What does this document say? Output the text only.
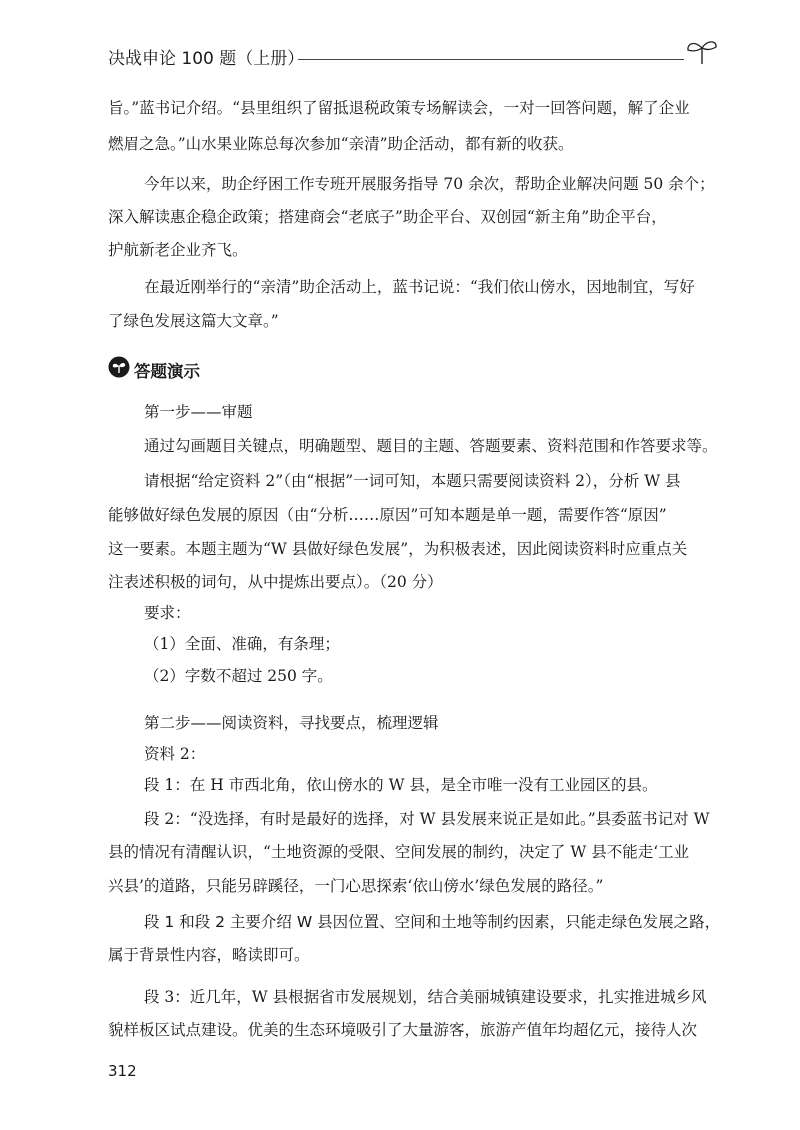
决战申论 100 题（上册）
旨。”蓝书记介绍。“县里组织了留抵退税政策专场解读会，一对一回答问题，解了企业
燃眉之急。”山水果业陈总每次参加“亲清”助企活动，都有新的收获。
今年以来，助企纾困工作专班开展服务指导 70 余次，帮助企业解决问题 50 余个；
深入解读惠企稳企政策；搭建商会“老底子”助企平台、双创园“新主角”助企平台，
护航新老企业齐飞。
在最近刚举行的“亲清”助企活动上，蓝书记说：“我们依山傍水，因地制宜，写好
了绿色发展这篇大文章。”
答题演示
第一步——审题
通过勾画题目关键点，明确题型、题目的主题、答题要素、资料范围和作答要求等。
请根据“给定资料 2”（由“根据”一词可知，本题只需要阅读资料 2），分析 W 县
能够做好绿色发展的原因（由“分析……原因”可知本题是单一题，需要作答“原因”
这一要素。本题主题为“W 县做好绿色发展”，为积极表述，因此阅读资料时应重点关
注表述积极的词句，从中提炼出要点）。（20 分）
要求：
（1）全面、准确，有条理；
（2）字数不超过 250 字。
第二步——阅读资料，寻找要点，梳理逻辑
资料 2：
段 1：在 H 市西北角，依山傍水的 W 县，是全市唯一没有工业园区的县。
段 2：“没选择，有时是最好的选择，对 W 县发展来说正是如此。”县委蓝书记对 W
县的情况有清醒认识，“土地资源的受限、空间发展的制约，决定了 W 县不能走‘工业
兴县’的道路，只能另辟蹊径，一门心思探索‘依山傍水’绿色发展的路径。”
段 1 和段 2 主要介绍 W 县因位置、空间和土地等制约因素，只能走绿色发展之路，
属于背景性内容，略读即可。
段 3：近几年，W 县根据省市发展规划，结合美丽城镇建设要求，扎实推进城乡风
貌样板区试点建设。优美的生态环境吸引了大量游客，旅游产值年均超亿元，接待人次
312
